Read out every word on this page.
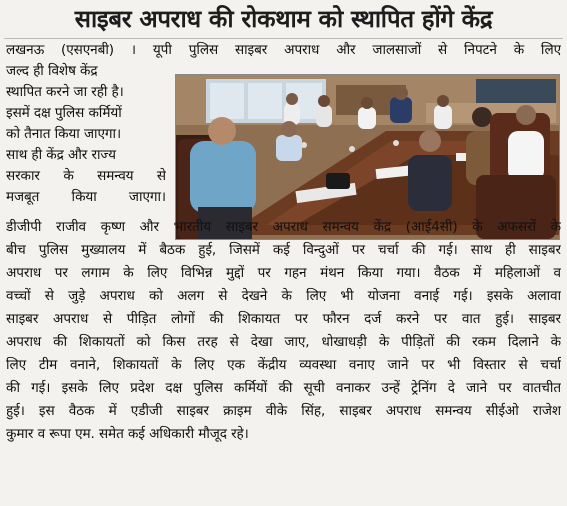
साइबर अपराध की रोकथाम को स्थापित होंगे केंद्र
लखनऊ (एसएनबी) । यूपी पुलिस साइबर अपराध और जालसाजों से निपटने के लिए
जल्द ही विशेष केंद्र
स्थापित करने जा रही है।
इसमें दक्ष पुलिस कर्मियों
को तैनात किया जाएगा।
साथ ही केंद्र और राज्य
सरकार के समन्वय से
मजबूत किया जाएगा।
डीजीपी राजीव कृष्ण और भारतीय साइबर अपराध समन्वय केंद्र (आई4सी) के अफसरों के
बीच पुलिस मुख्यालय में बैठक हुई, जिसमें कई विन्दुओं पर चर्चा की गई। साथ ही साइबर
अपराध पर लगाम के लिए विभिन्न मुद्दों पर गहन मंथन किया गया। वैठक में महिलाओं व
वच्चों से जुड़े अपराध को अलग से देखने के लिए भी योजना वनाई गई। इसके अलावा
साइबर अपराध से पीड़ित लोगों की शिकायत पर फौरन दर्ज करने पर वात हुई। साइबर
अपराध की शिकायतों को किस तरह से देखा जाए, धोखाधड़ी के पीड़ितों की रकम दिलाने के
लिए टीम वनाने, शिकायतों के लिए एक केंद्रीय व्यवस्था वनाए जाने पर भी विस्तार से चर्चा
की गई। इसके लिए प्रदेश दक्ष पुलिस कर्मियों की सूची वनाकर उन्हें ट्रेनिंग दे जाने पर वातचीत
हुई। इस वैठक में एडीजी साइबर क्राइम वीके सिंह, साइबर अपराध समन्वय सीईओ राजेश
कुमार व रूपा एम. समेत कई अधिकारी मौजूद रहे।
